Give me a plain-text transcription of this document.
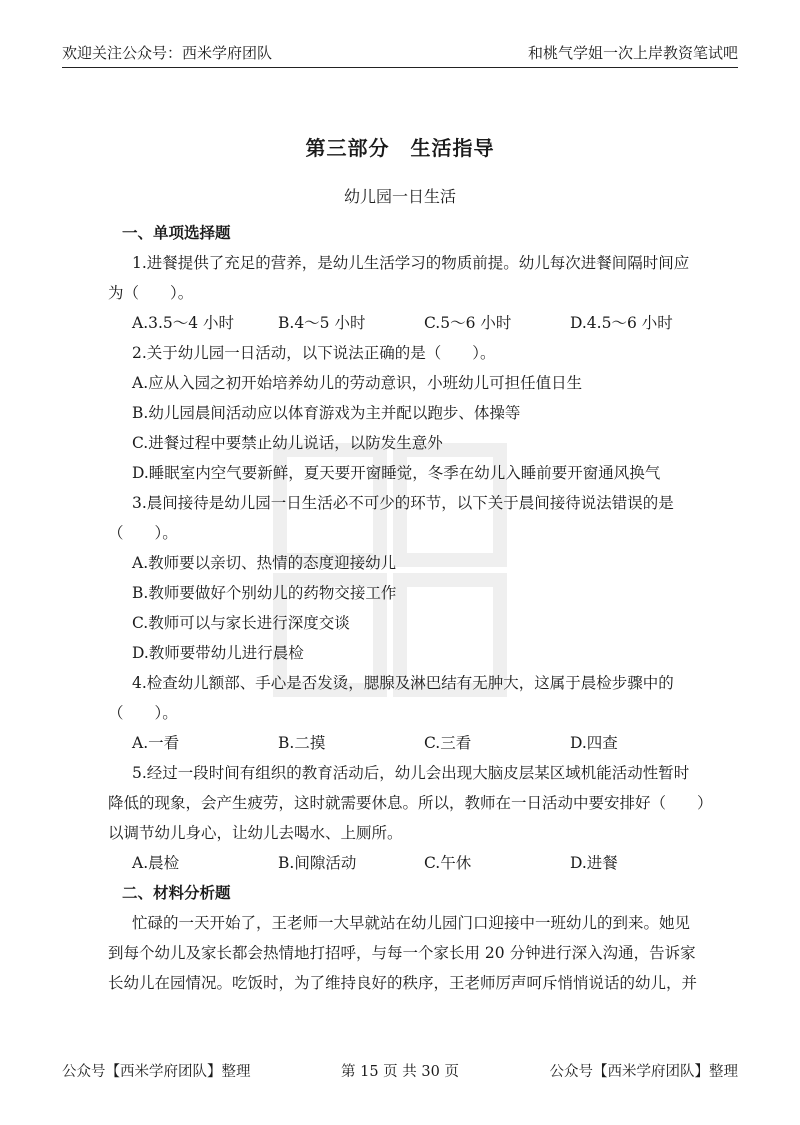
欢迎关注公众号：西米学府团队	和桃气学姐一次上岸教资笔试吧
第三部分　生活指导
幼儿园一日生活
一、单项选择题
1.进餐提供了充足的营养，是幼儿生活学习的物质前提。幼儿每次进餐间隔时间应
为（　　）。
A.3.5～4 小时	B.4～5 小时	C.5～6 小时	D.4.5～6 小时
2.关于幼儿园一日活动，以下说法正确的是（　　）。
A.应从入园之初开始培养幼儿的劳动意识，小班幼儿可担任值日生
B.幼儿园晨间活动应以体育游戏为主并配以跑步、体操等
C.进餐过程中要禁止幼儿说话，以防发生意外
D.睡眠室内空气要新鲜，夏天要开窗睡觉，冬季在幼儿入睡前要开窗通风换气
3.晨间接待是幼儿园一日生活必不可少的环节，以下关于晨间接待说法错误的是
（　　）。
A.教师要以亲切、热情的态度迎接幼儿
B.教师要做好个别幼儿的药物交接工作
C.教师可以与家长进行深度交谈
D.教师要带幼儿进行晨检
4.检查幼儿额部、手心是否发烫，腮腺及淋巴结有无肿大，这属于晨检步骤中的
（　　）。
A.一看	B.二摸	C.三看	D.四查
5.经过一段时间有组织的教育活动后，幼儿会出现大脑皮层某区域机能活动性暂时
降低的现象，会产生疲劳，这时就需要休息。所以，教师在一日活动中要安排好（　　）
以调节幼儿身心，让幼儿去喝水、上厕所。
A.晨检	B.间隙活动	C.午休	D.进餐
二、材料分析题
忙碌的一天开始了，王老师一大早就站在幼儿园门口迎接中一班幼儿的到来。她见
到每个幼儿及家长都会热情地打招呼，与每一个家长用 20 分钟进行深入沟通，告诉家
长幼儿在园情况。吃饭时，为了维持良好的秩序，王老师厉声呵斥悄悄说话的幼儿，并
公众号【西米学府团队】整理	第 15 页 共 30 页	公众号【西米学府团队】整理
